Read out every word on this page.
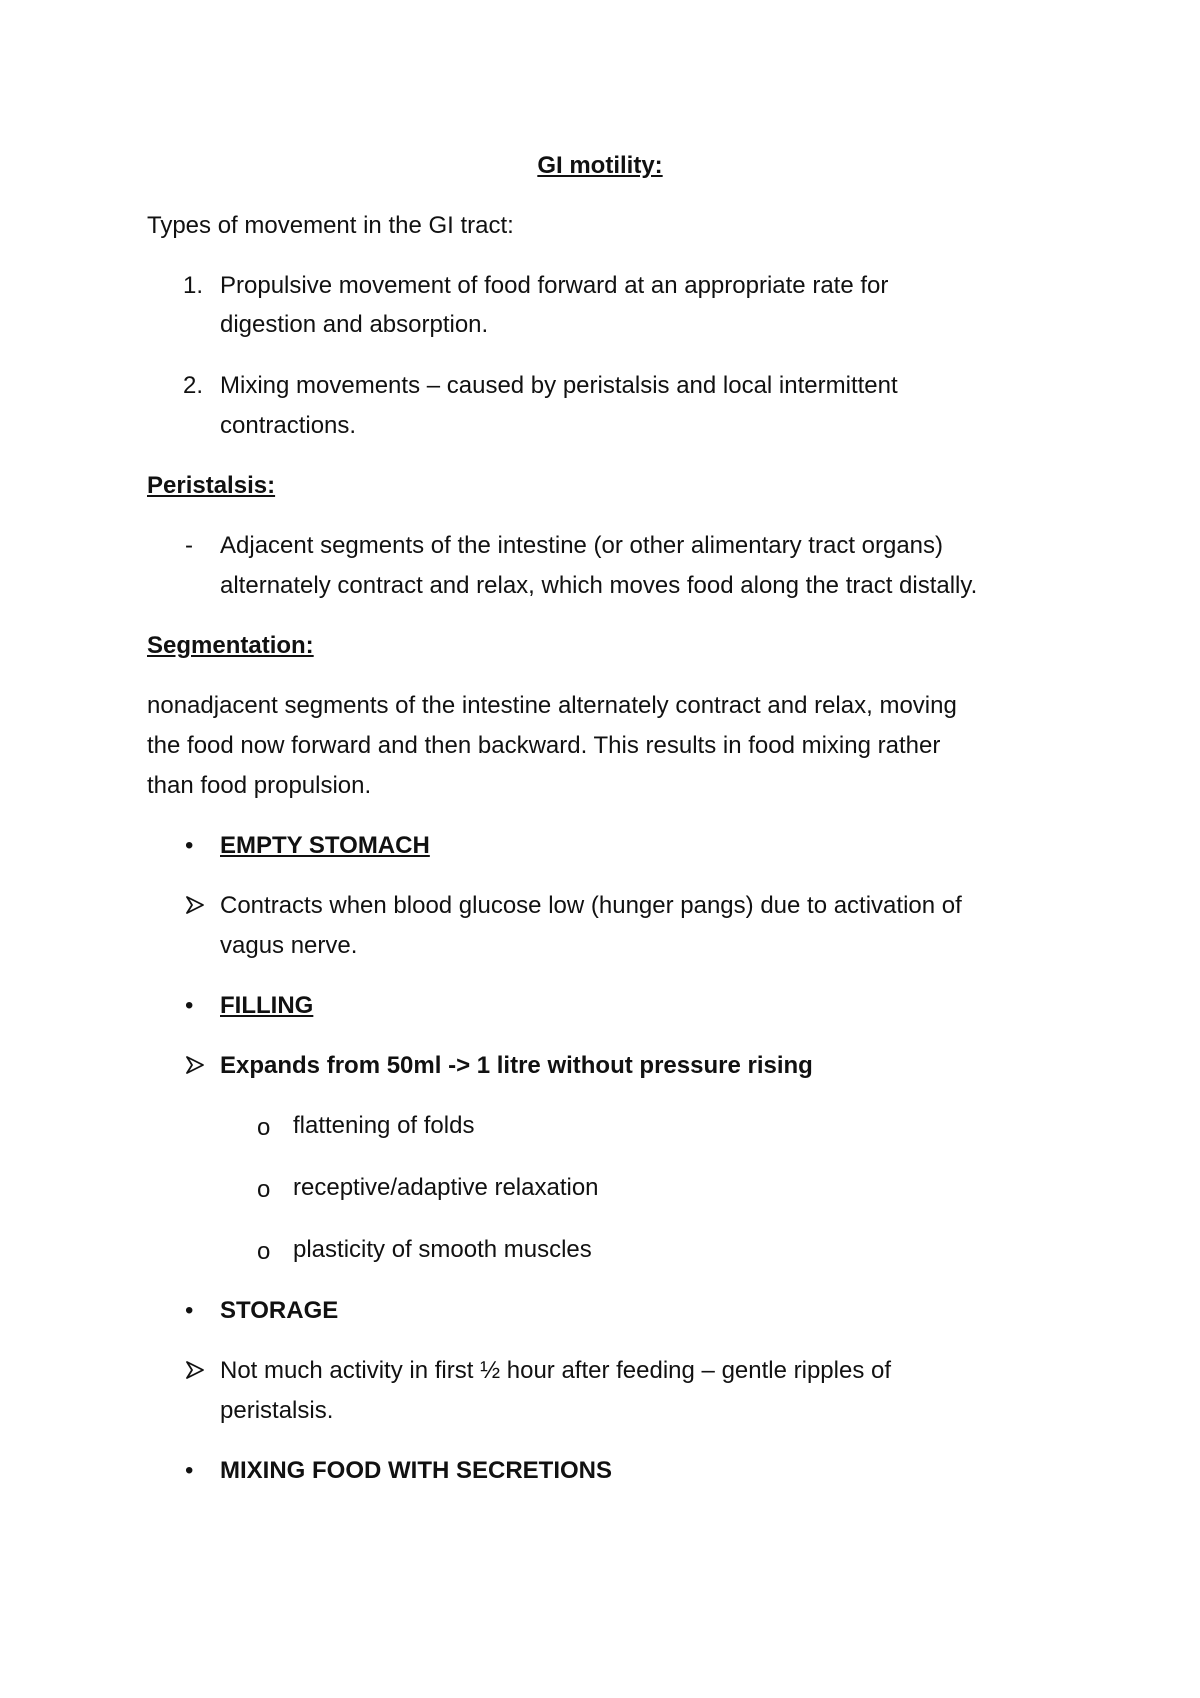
GI motility:

Types of movement in the GI tract:

1. Propulsive movement of food forward at an appropriate rate for

digestion and absorption.

2. Mixing movements – caused by peristalsis and local intermittent

contractions.

Peristalsis:

- Adjacent segments of the intestine (or other alimentary tract organs)

alternately contract and relax, which moves food along the tract distally.

Segmentation:

nonadjacent segments of the intestine alternately contract and relax, moving

the food now forward and then backward. This results in food mixing rather

than food propulsion.

• EMPTY STOMACH

Contracts when blood glucose low (hunger pangs) due to activation of

vagus nerve.

• FILLING

Expands from 50ml -> 1 litre without pressure rising

o flattening of folds

o receptive/adaptive relaxation

o plasticity of smooth muscles

• STORAGE

Not much activity in first ½ hour after feeding – gentle ripples of

peristalsis.

• MIXING FOOD WITH SECRETIONS
